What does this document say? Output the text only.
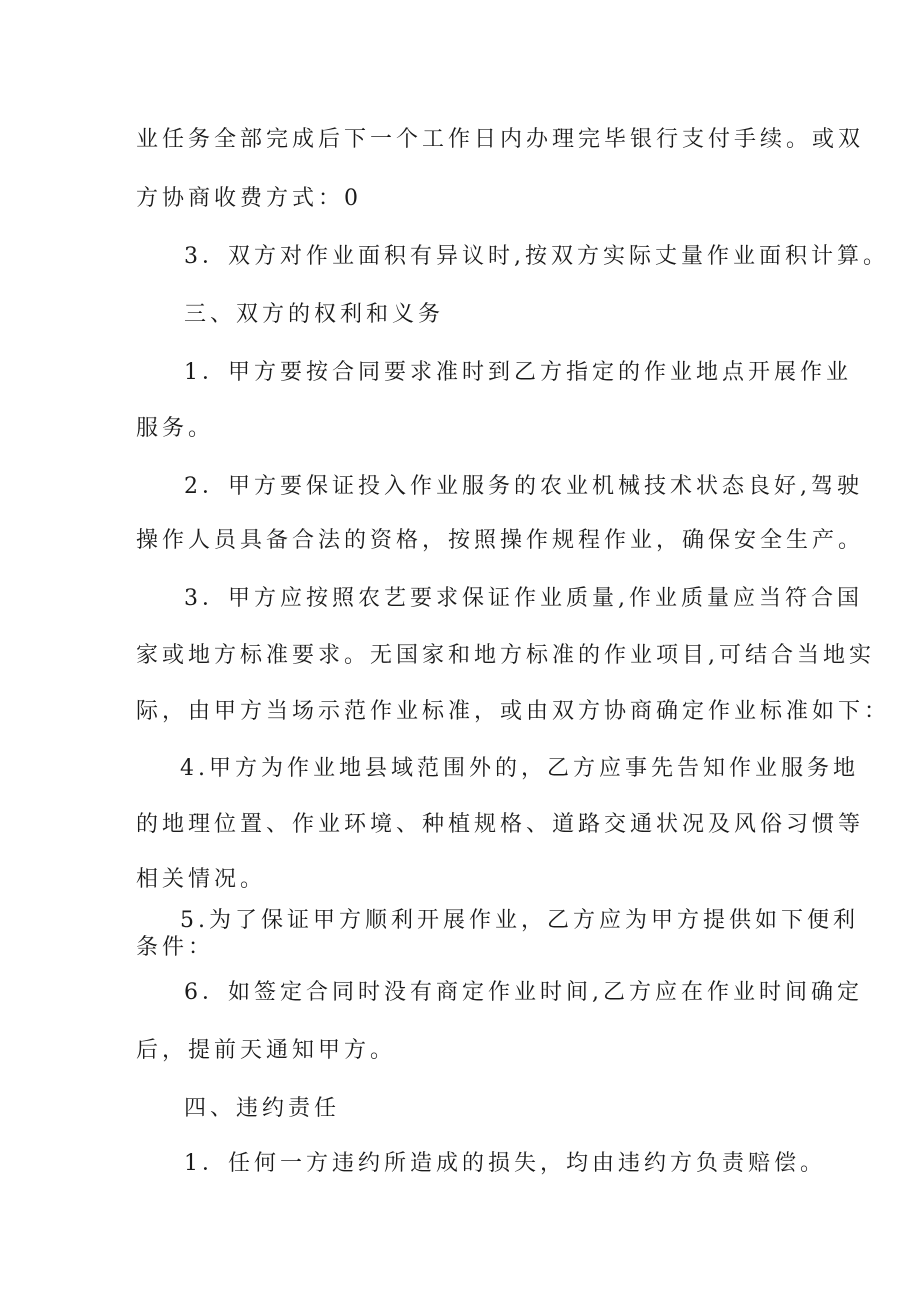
业任务全部完成后下一个工作日内办理完毕银行支付手续。或双
方协商收费方式：0
3．双方对作业面积有异议时,按双方实际丈量作业面积计算。
三、双方的权利和义务
1．甲方要按合同要求准时到乙方指定的作业地点开展作业
服务。
2．甲方要保证投入作业服务的农业机械技术状态良好,驾驶
操作人员具备合法的资格，按照操作规程作业，确保安全生产。
3．甲方应按照农艺要求保证作业质量,作业质量应当符合国
家或地方标准要求。无国家和地方标准的作业项目,可结合当地实
际，由甲方当场示范作业标准，或由双方协商确定作业标准如下：
4.甲方为作业地县域范围外的，乙方应事先告知作业服务地
的地理位置、作业环境、种植规格、道路交通状况及风俗习惯等
相关情况。
5.为了保证甲方顺利开展作业，乙方应为甲方提供如下便利
条件：
6．如签定合同时没有商定作业时间,乙方应在作业时间确定
后，提前天通知甲方。
四、违约责任
1．任何一方违约所造成的损失，均由违约方负责赔偿。
